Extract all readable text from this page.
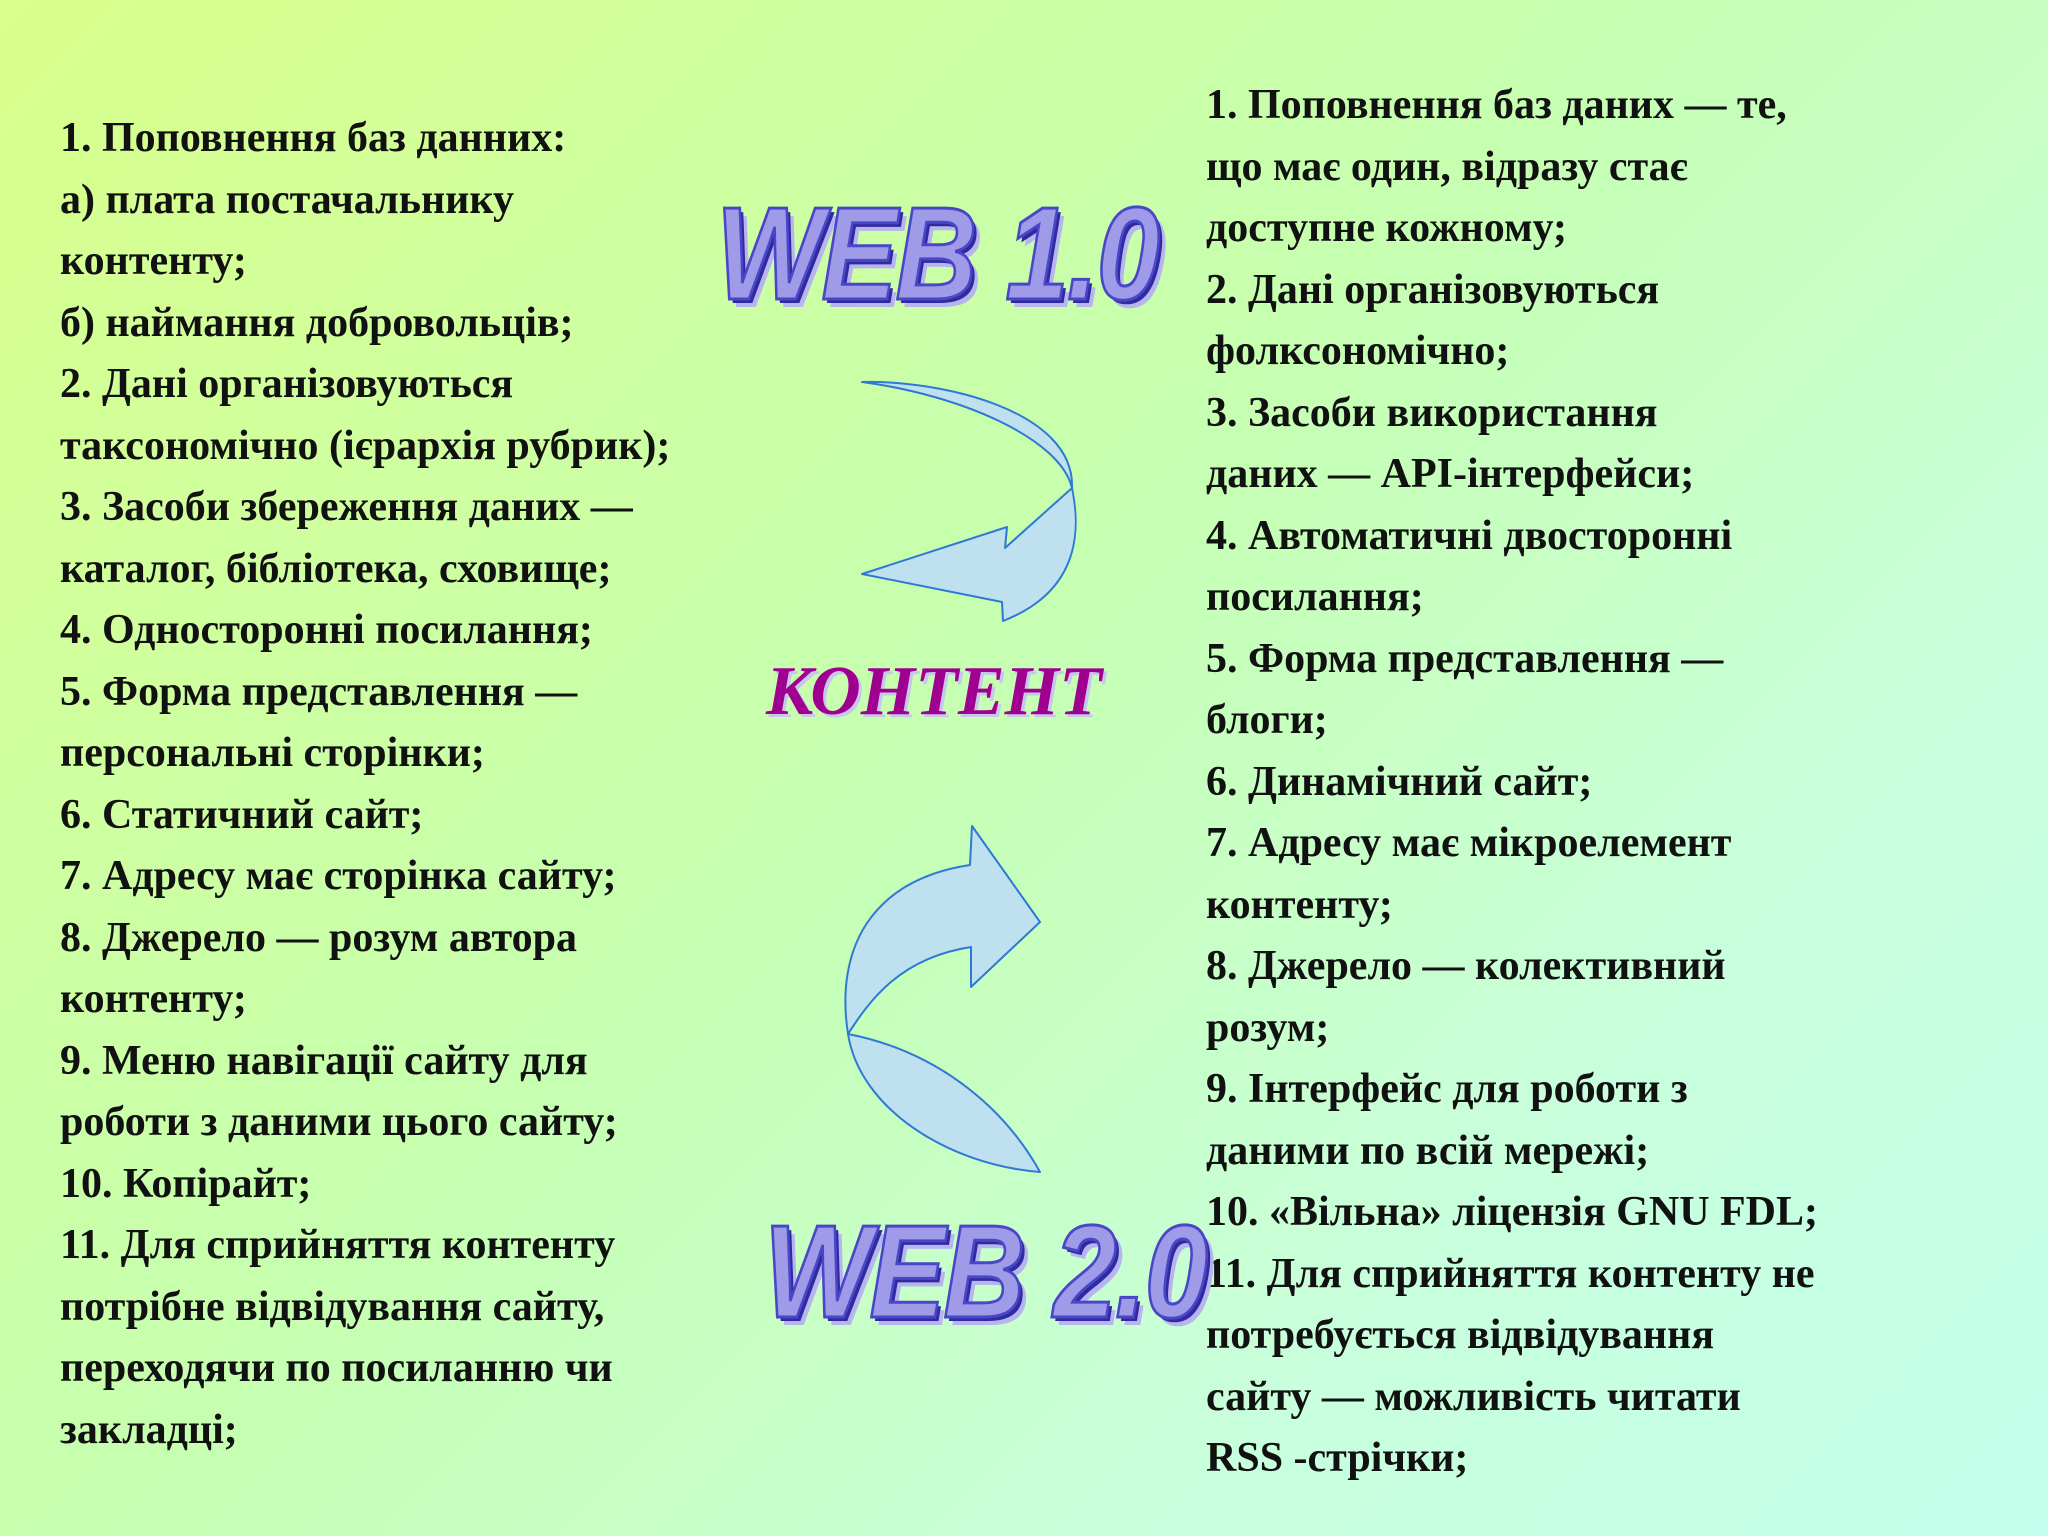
1. Поповнення баз данних:
а) плата постачальнику
контенту;
б) наймання добровольців;
2. Дані організовуються
таксономічно (ієрархія рубрик);
3. Засоби збереження даних —
каталог, бібліотека, сховище;
4. Односторонні посилання;
5. Форма представлення —
персональні сторінки;
6. Статичний сайт;
7. Адресу має сторінка сайту;
8. Джерело — розум автора
контенту;
9. Меню навігації сайту для
роботи з даними цього сайту;
10. Копірайт;
11. Для сприйняття контенту
потрібне відвідування сайту,
переходячи по посиланню чи
закладці;
1. Поповнення баз даних — те,
що має один, відразу стає
доступне кожному;
2. Дані організовуються
фолксономічно;
3. Засоби використання
даних — API-інтерфейси;
4. Автоматичні двосторонні
посилання;
5. Форма представлення —
блоги;
6. Динамічний сайт;
7. Адресу має мікроелемент
контенту;
8. Джерело — колективний
розум;
9. Інтерфейс для роботи з
даними по всій мережі;
10. «Вільна» ліцензія GNU FDL;
11. Для сприйняття контенту не
потребується відвідування
сайту — можливість читати
RSS -стрічки;
WEB 1.0
WEB 2.0
КОНТЕНТ
